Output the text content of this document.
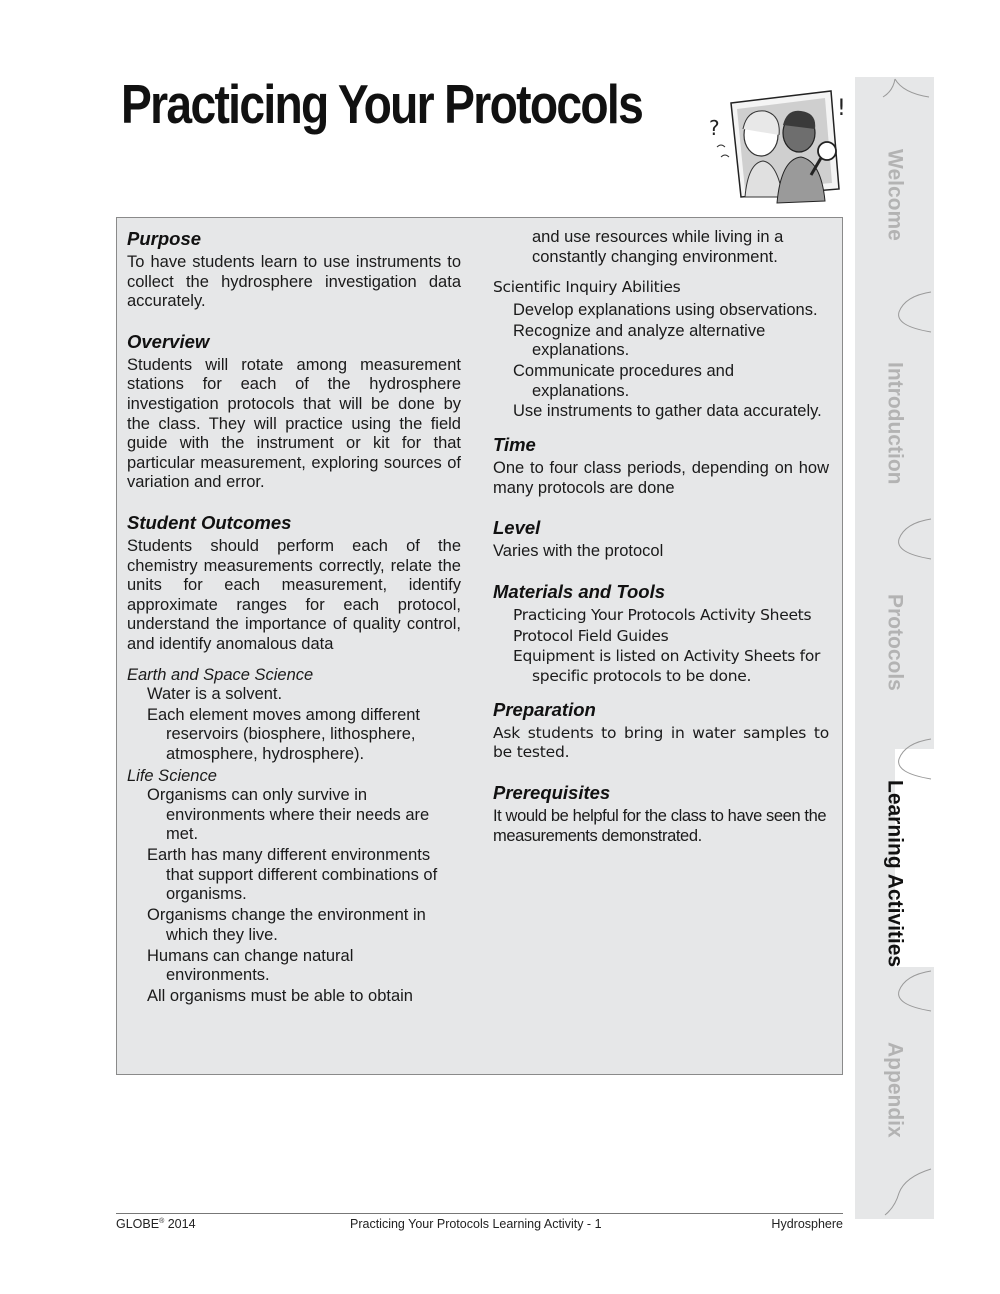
Practicing Your Protocols	?
!

Purpose

To have students learn to use instruments to collect the hydrosphere investigation data accurately.

Overview

Students will rotate among measurement stations for each of the hydrosphere investigation protocols that will be done by the class. They will practice using the field guide with the instrument or kit for that particular measurement, exploring sources of variation and error.

Student Outcomes

Students should perform each of the chemistry measurements correctly, relate the units for each measurement, identify approximate ranges for each protocol, understand the importance of quality control, and identify anomalous data

Earth and Space Science

Water is a solvent.

Each element moves among different reservoirs (biosphere, lithosphere, atmosphere, hydrosphere).

Life Science

Organisms can only survive in environments where their needs are met.

Earth has many different environments that support different combinations of organisms.

Organisms change the environment in which they live.

Humans can change natural environments.

All organisms must be able to obtain

and use resources while living in a constantly changing environment.

Scientific Inquiry Abilities

Develop explanations using observations.

Recognize and analyze alternative explanations.

Communicate procedures and explanations.

Use instruments to gather data accurately.

Time

One to four class periods, depending on how many protocols are done

Level

Varies with the protocol

Materials and Tools

Practicing Your Protocols Activity Sheets

Protocol Field Guides

Equipment is listed on Activity Sheets for specific protocols to be done.

Preparation

Ask students to bring in water samples to be tested.

Prerequisites

It would be helpful for the class to have seen the measurements demonstrated.

Welcome
Introduction
Protocols
Learning Activities
Appendix
GLOBE® 2014	Practicing Your Protocols Learning Activity - 1	Hydrosphere
